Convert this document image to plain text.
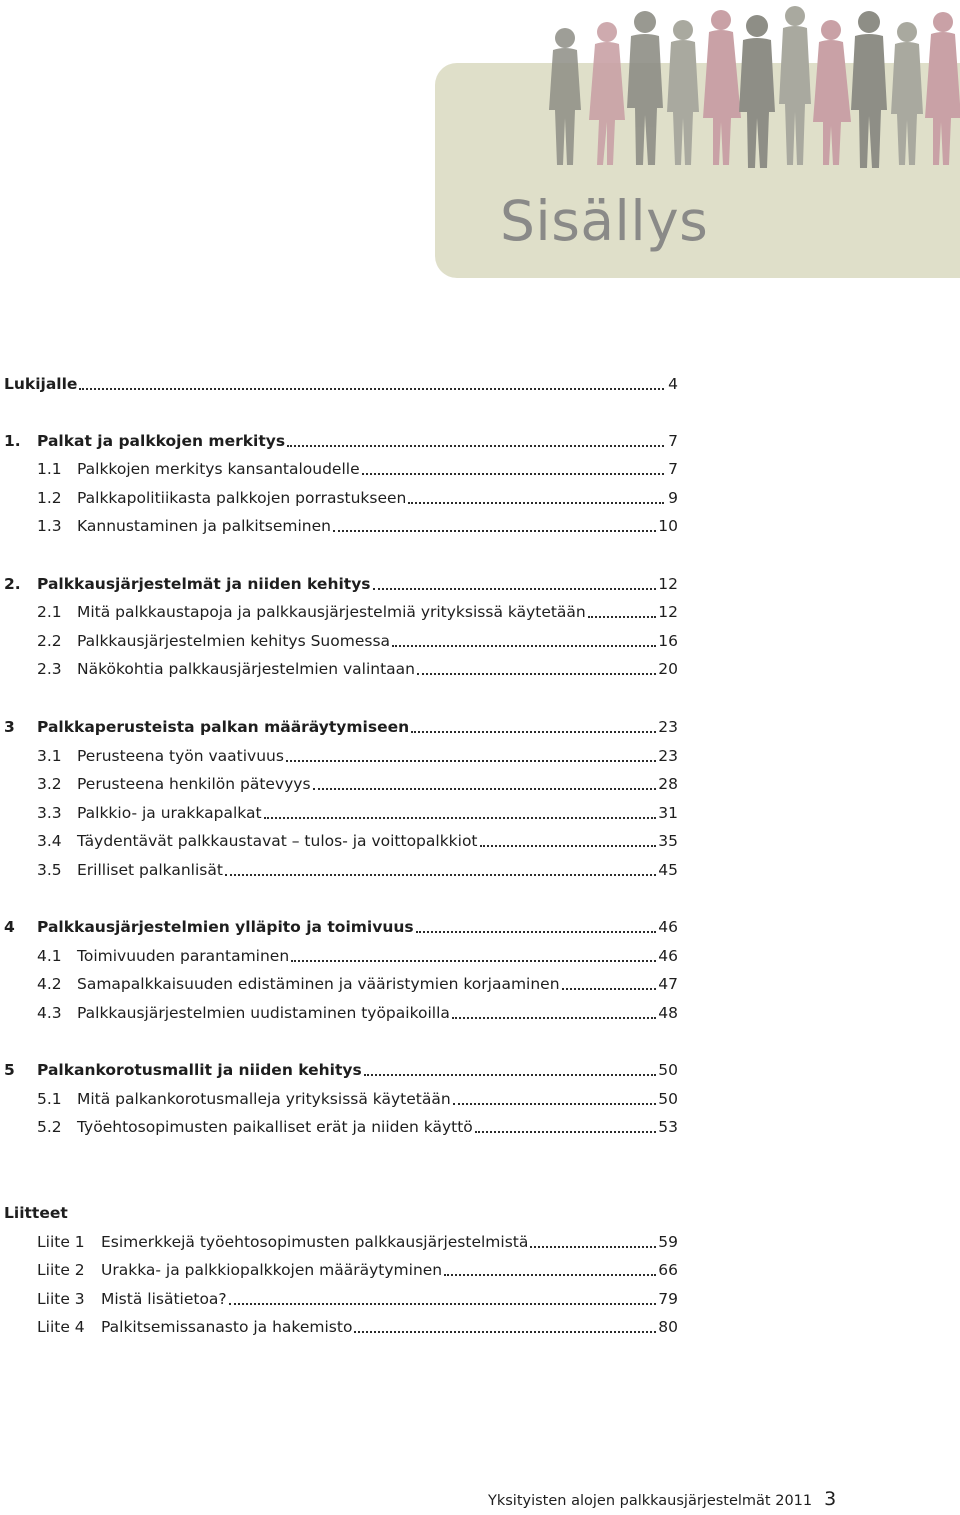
Sisällys
Lukijalle	4
1.	Palkat ja palkkojen merkitys	7
1.1 Palkkojen merkitys kansantaloudelle	7
1.2 Palkkapolitiikasta palkkojen porrastukseen	9
1.3 Kannustaminen ja palkitseminen	10
2.	Palkkausjärjestelmät ja niiden kehitys	12
2.1 Mitä palkkaustapoja ja palkkausjärjestelmiä yrityksissä käytetään	12
2.2 Palkkausjärjestelmien kehitys Suomessa	16
2.3 Näkökohtia palkkausjärjestelmien valintaan	20
3	Palkkaperusteista palkan määräytymiseen	23
3.1 Perusteena työn vaativuus	23
3.2 Perusteena henkilön pätevyys	28
3.3 Palkkio- ja urakkapalkat	31
3.4 Täydentävät palkkaustavat – tulos- ja voittopalkkiot	35
3.5 Erilliset palkanlisät	45
4	Palkkausjärjestelmien ylläpito ja toimivuus	46
4.1 Toimivuuden parantaminen	46
4.2 Samapalkkaisuuden edistäminen ja vääristymien korjaaminen	47
4.3 Palkkausjärjestelmien uudistaminen työpaikoilla	48
5	Palkankorotusmallit ja niiden kehitys	50
5.1 Mitä palkankorotusmalleja yrityksissä käytetään	50
5.2 Työehtosopimusten paikalliset erät ja niiden käyttö	53
Liite 1	Esimerkkejä työehtosopimusten palkkausjärjestelmistä	59
Liite 2	Urakka- ja palkkiopalkkojen määräytyminen	66
Liite 3	Mistä lisätietoa?	79
Liite 4	Palkitsemissanasto ja hakemisto	80
Liitteet
Yksityisten alojen palkkausjärjestelmät 2011 3
